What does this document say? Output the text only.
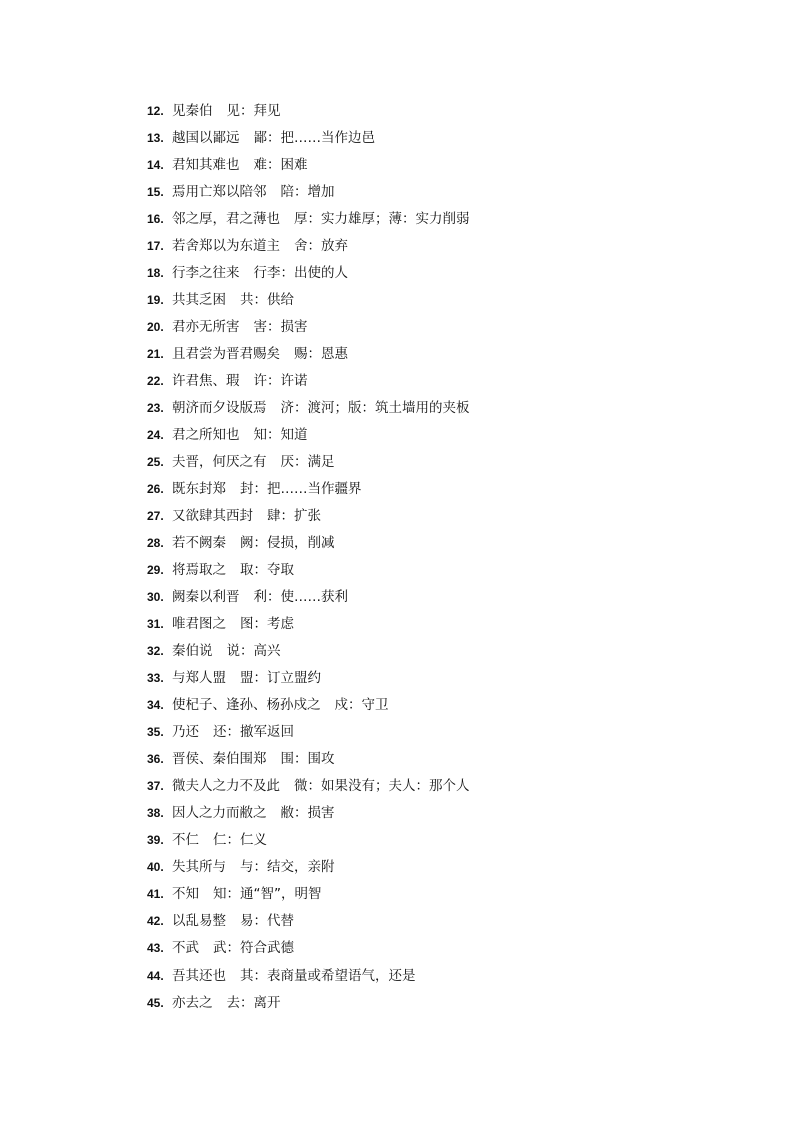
12. 见秦伯 见：拜见
13. 越国以鄙远 鄙：把……当作边邑
14. 君知其难也 难：困难
15. 焉用亡郑以陪邻 陪：增加
16. 邻之厚，君之薄也 厚：实力雄厚；薄：实力削弱
17. 若舍郑以为东道主 舍：放弃
18. 行李之往来 行李：出使的人
19. 共其乏困 共：供给
20. 君亦无所害 害：损害
21. 且君尝为晋君赐矣 赐：恩惠
22. 许君焦、瑕 许：许诺
23. 朝济而夕设版焉 济：渡河；版：筑土墙用的夹板
24. 君之所知也 知：知道
25. 夫晋，何厌之有 厌：满足
26. 既东封郑 封：把……当作疆界
27. 又欲肆其西封 肆：扩张
28. 若不阙秦 阙：侵损，削减
29. 将焉取之 取：夺取
30. 阙秦以利晋 利：使……获利
31. 唯君图之 图：考虑
32. 秦伯说 说：高兴
33. 与郑人盟 盟：订立盟约
34. 使杞子、逢孙、杨孙戍之 戍：守卫
35. 乃还 还：撤军返回
36. 晋侯、秦伯围郑 围：围攻
37. 微夫人之力不及此 微：如果没有；夫人：那个人
38. 因人之力而敝之 敝：损害
39. 不仁 仁：仁义
40. 失其所与 与：结交，亲附
41. 不知 知：通“智”，明智
42. 以乱易整 易：代替
43. 不武 武：符合武德
44. 吾其还也 其：表商量或希望语气，还是
45. 亦去之 去：离开
